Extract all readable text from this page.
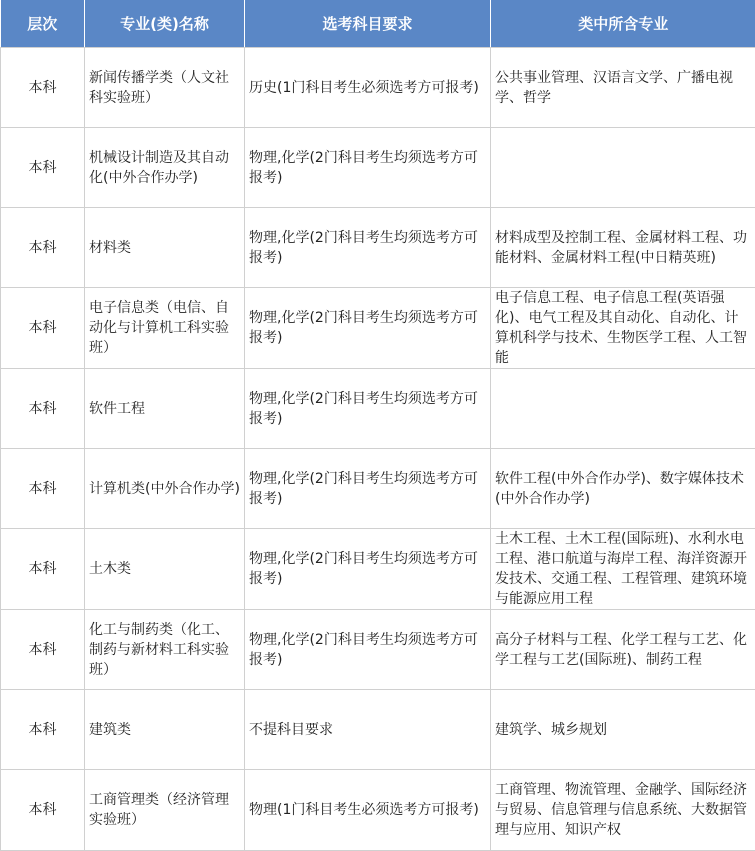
层次	专业(类)名称	选考科目要求	类中所含专业
本科	新闻传播学类（人文社科实验班）	历史(1门科目考生必须选考方可报考)	公共事业管理、汉语言文学、广播电视学、哲学
本科	机械设计制造及其自动化(中外合作办学)	物理,化学(2门科目考生均须选考方可报考)	
本科	材料类	物理,化学(2门科目考生均须选考方可报考)	材料成型及控制工程、金属材料工程、功能材料、金属材料工程(中日精英班)
本科	电子信息类（电信、自动化与计算机工科实验班）	物理,化学(2门科目考生均须选考方可报考)	电子信息工程、电子信息工程(英语强化)、电气工程及其自动化、自动化、计算机科学与技术、生物医学工程、人工智能
本科	软件工程	物理,化学(2门科目考生均须选考方可报考)	
本科	计算机类(中外合作办学)	物理,化学(2门科目考生均须选考方可报考)	软件工程(中外合作办学)、数字媒体技术(中外合作办学)
本科	土木类	物理,化学(2门科目考生均须选考方可报考)	土木工程、土木工程(国际班)、水利水电工程、港口航道与海岸工程、海洋资源开发技术、交通工程、工程管理、建筑环境与能源应用工程
本科	化工与制药类（化工、制药与新材料工科实验班）	物理,化学(2门科目考生均须选考方可报考)	高分子材料与工程、化学工程与工艺、化学工程与工艺(国际班)、制药工程
本科	建筑类	不提科目要求	建筑学、城乡规划
本科	工商管理类（经济管理实验班）	物理(1门科目考生必须选考方可报考)	工商管理、物流管理、金融学、国际经济与贸易、信息管理与信息系统、大数据管理与应用、知识产权
